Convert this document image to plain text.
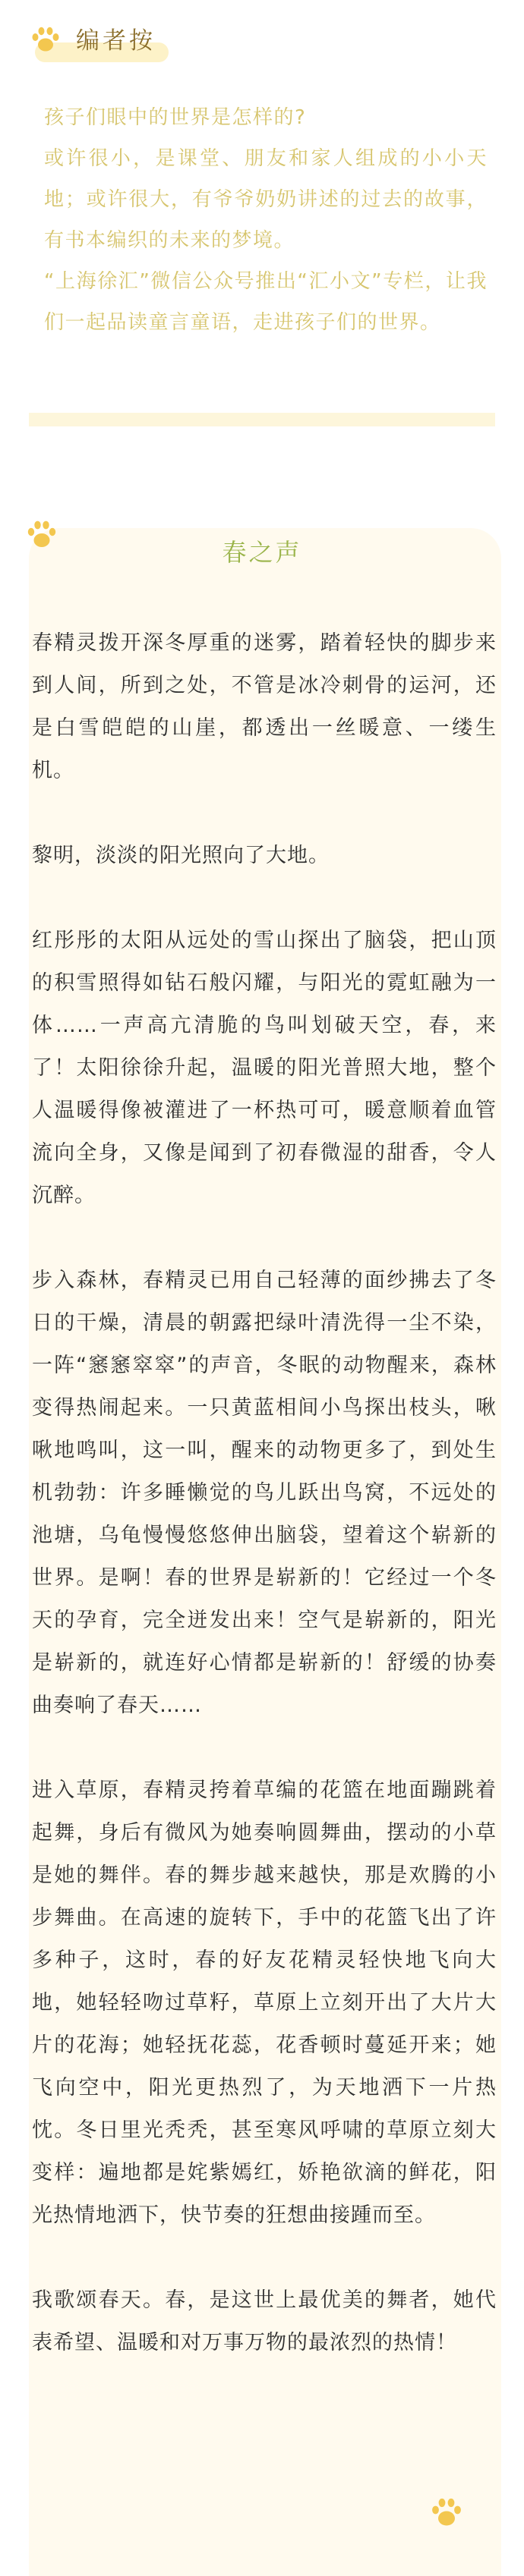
编者按
孩子们眼中的世界是怎样的?
或许很小，是课堂、朋友和家人组成的小小天地；或许很大，有爷爷奶奶讲述的过去的故事，有书本编织的未来的梦境。
“上海徐汇”微信公众号推出“汇小文”专栏，让我们一起品读童言童语，走进孩子们的世界。
春之声

春精灵拨开深冬厚重的迷雾，踏着轻快的脚步来到人间，所到之处，不管是冰冷刺骨的运河，还是白雪皑皑的山崖，都透出一丝暖意、一缕生机。

黎明，淡淡的阳光照向了大地。

红彤彤的太阳从远处的雪山探出了脑袋，把山顶的积雪照得如钻石般闪耀，与阳光的霓虹融为一体……一声高亢清脆的鸟叫划破天空，春，来了！太阳徐徐升起，温暖的阳光普照大地，整个人温暖得像被灌进了一杯热可可，暖意顺着血管流向全身，又像是闻到了初春微湿的甜香，令人沉醉。

步入森林，春精灵已用自己轻薄的面纱拂去了冬日的干燥，清晨的朝露把绿叶清洗得一尘不染，一阵“窸窸窣窣”的声音，冬眠的动物醒来，森林变得热闹起来。一只黄蓝相间小鸟探出枝头，啾啾地鸣叫，这一叫，醒来的动物更多了，到处生机勃勃：许多睡懒觉的鸟儿跃出鸟窝，不远处的池塘，乌龟慢慢悠悠伸出脑袋，望着这个崭新的世界。是啊！春的世界是崭新的！它经过一个冬天的孕育，完全迸发出来！空气是崭新的，阳光是崭新的，就连好心情都是崭新的！舒缓的协奏曲奏响了春天……

进入草原，春精灵挎着草编的花篮在地面蹦跳着起舞，身后有微风为她奏响圆舞曲，摆动的小草是她的舞伴。春的舞步越来越快，那是欢腾的小步舞曲。在高速的旋转下，手中的花篮飞出了许多种子，这时，春的好友花精灵轻快地飞向大地，她轻轻吻过草籽，草原上立刻开出了大片大片的花海；她轻抚花蕊，花香顿时蔓延开来；她飞向空中，阳光更热烈了，为天地洒下一片热忱。冬日里光秃秃，甚至寒风呼啸的草原立刻大变样：遍地都是姹紫嫣红，娇艳欲滴的鲜花，阳光热情地洒下，快节奏的狂想曲接踵而至。

我歌颂春天。春，是这世上最优美的舞者，她代表希望、温暖和对万事万物的最浓烈的热情！
